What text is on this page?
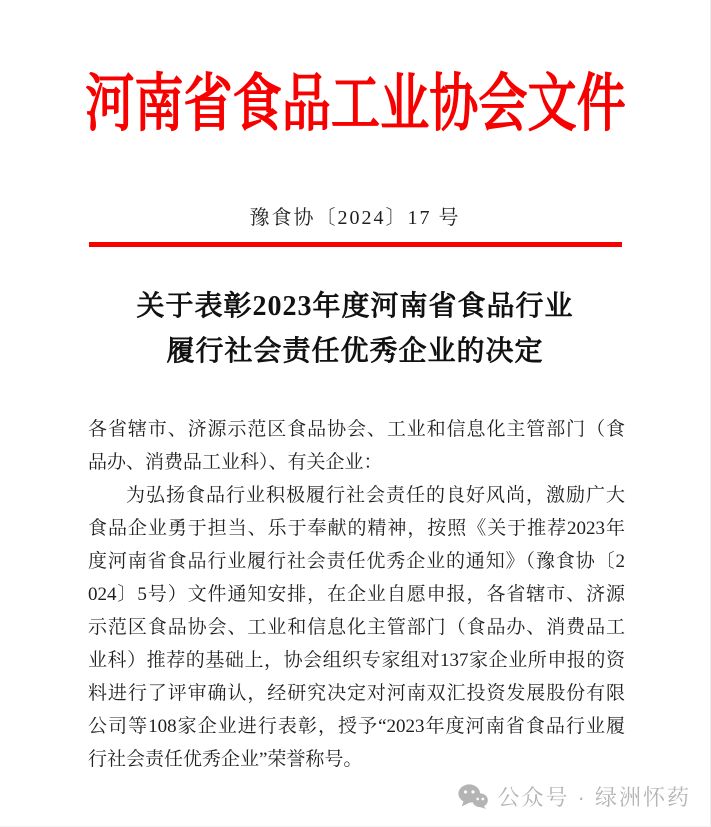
河南省食品工业协会文件
豫食协〔2024〕17 号
关于表彰2023年度河南省食品行业
履行社会责任优秀企业的决定

各省辖市、济源示范区食品协会、工业和信息化主管部门（食

品办、消费品工业科）、有关企业：

为弘扬食品行业积极履行社会责任的良好风尚，激励广大

食品企业勇于担当、乐于奉献的精神，按照《关于推荐2023年

度河南省食品行业履行社会责任优秀企业的通知》（豫食协〔2

024〕5号）文件通知安排，在企业自愿申报，各省辖市、济源

示范区食品协会、工业和信息化主管部门（食品办、消费品工

业科）推荐的基础上，协会组织专家组对137家企业所申报的资

料进行了评审确认，经研究决定对河南双汇投资发展股份有限

公司等108家企业进行表彰，授予“2023年度河南省食品行业履

行社会责任优秀企业”荣誉称号。

公众号 · 绿洲怀药
